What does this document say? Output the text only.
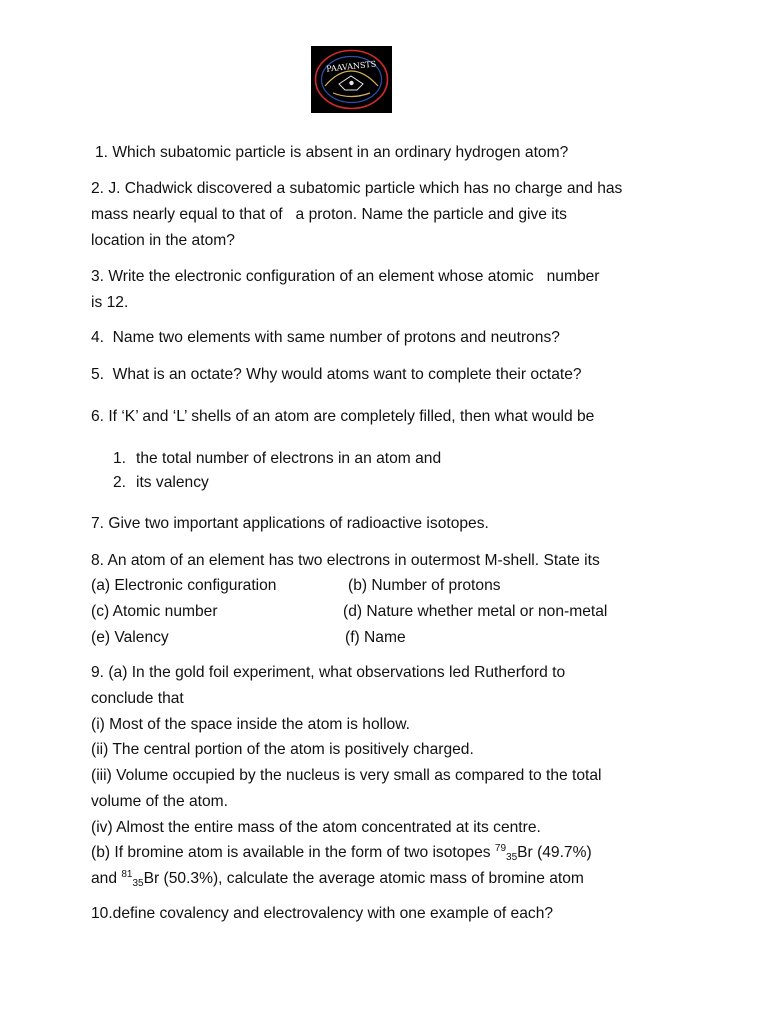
PAAVANSTS
1. Which subatomic particle is absent in an ordinary hydrogen atom?
2. J. Chadwick discovered a subatomic particle which has no charge and has
mass nearly equal to that of   a proton. Name the particle and give its
location in the atom?
3. Write the electronic configuration of an element whose atomic   number
is 12.
4.  Name two elements with same number of protons and neutrons?
5.  What is an octate? Why would atoms want to complete their octate?
6. If ‘K’ and ‘L’ shells of an atom are completely filled, then what would be
1. the total number of electrons in an atom and
2. its valency
7. Give two important applications of radioactive isotopes.
8. An atom of an element has two electrons in outermost M-shell. State its
(a) Electronic configuration	(b) Number of protons
(c) Atomic number	(d) Nature whether metal or non-metal
(e) Valency	(f) Name
9. (a) In the gold foil experiment, what observations led Rutherford to
conclude that
(i) Most of the space inside the atom is hollow.
(ii) The central portion of the atom is positively charged.
(iii) Volume occupied by the nucleus is very small as compared to the total
volume of the atom.
(iv) Almost the entire mass of the atom concentrated at its centre.
(b) If bromine atom is available in the form of two isotopes $^{79}_{35}$Br (49.7%)
and $^{81}_{35}$Br (50.3%), calculate the average atomic mass of bromine atom
10.define covalency and electrovalency with one example of each?
